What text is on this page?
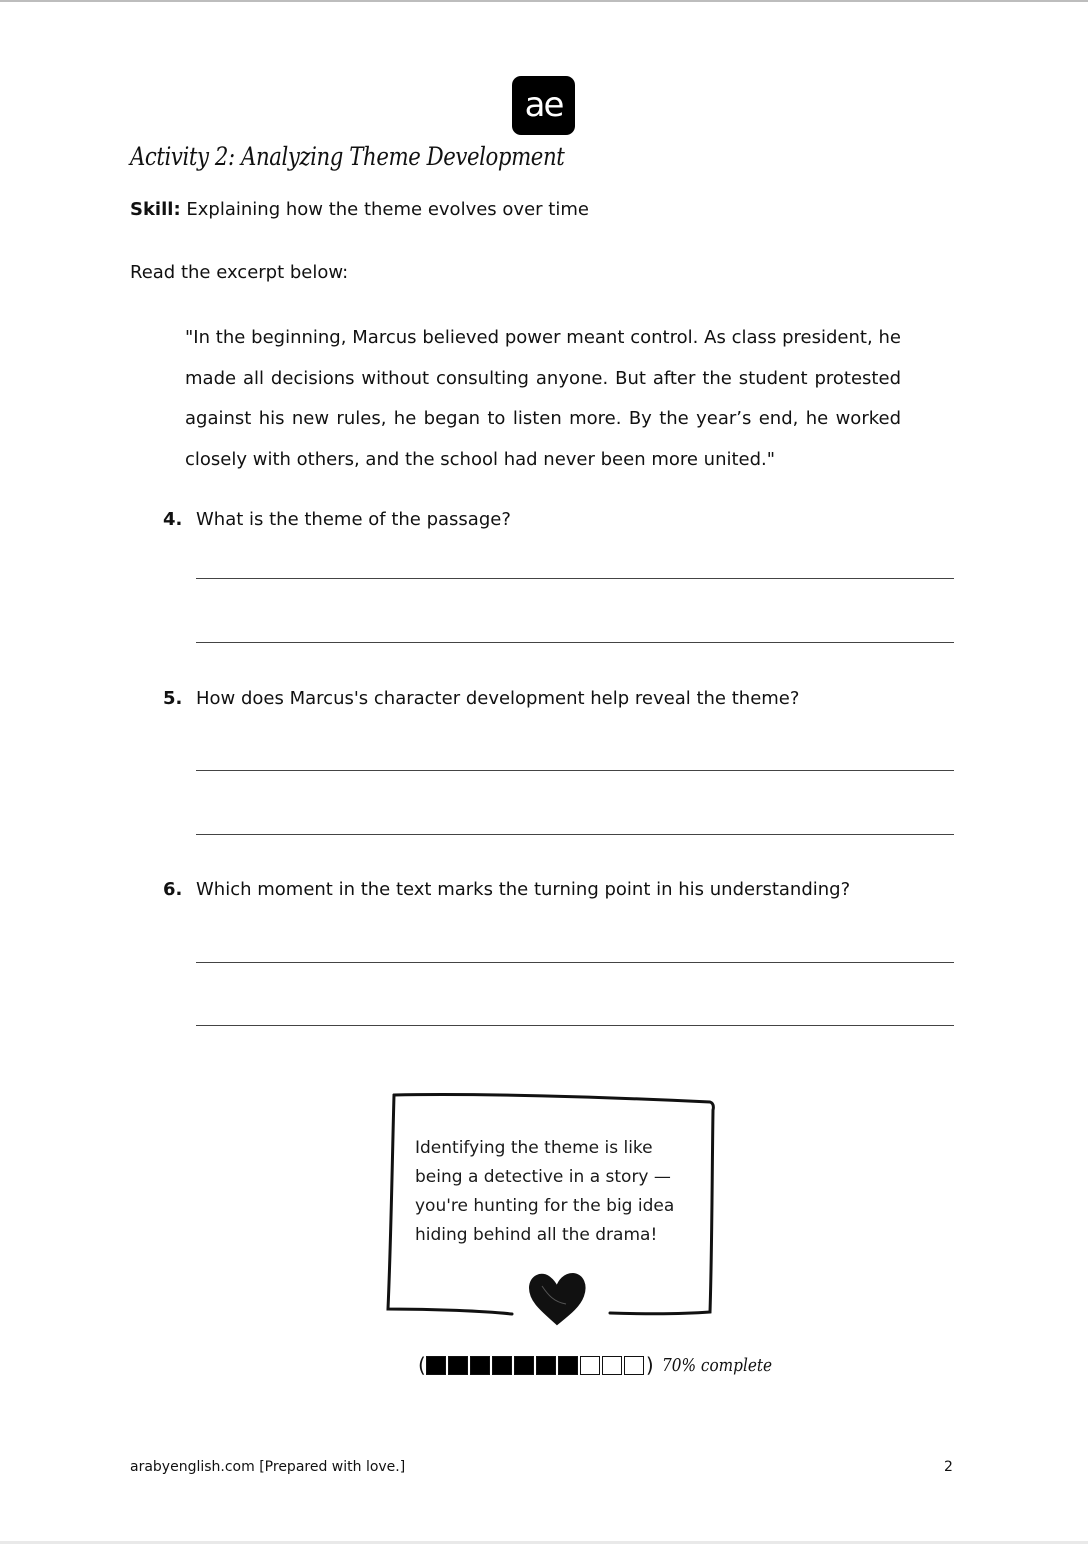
ae
Activity 2: Analyzing Theme Development
Skill: Explaining how the theme evolves over time
Read the excerpt below:

"In the beginning, Marcus believed power meant control. As class president, he made all decisions without consulting anyone. But after the student protested against his new rules, he began to listen more. By the year’s end, he worked closely with others, and the school had never been more united."

4. What is the theme of the passage?
5. How does Marcus's character development help reveal the theme?
6. Which moment in the text marks the turning point in his understanding?

Identifying the theme is like being a detective in a story — you're hunting for the big idea hiding behind all the drama!

(	) 70% complete
arabyenglish.com [Prepared with love.]	2
